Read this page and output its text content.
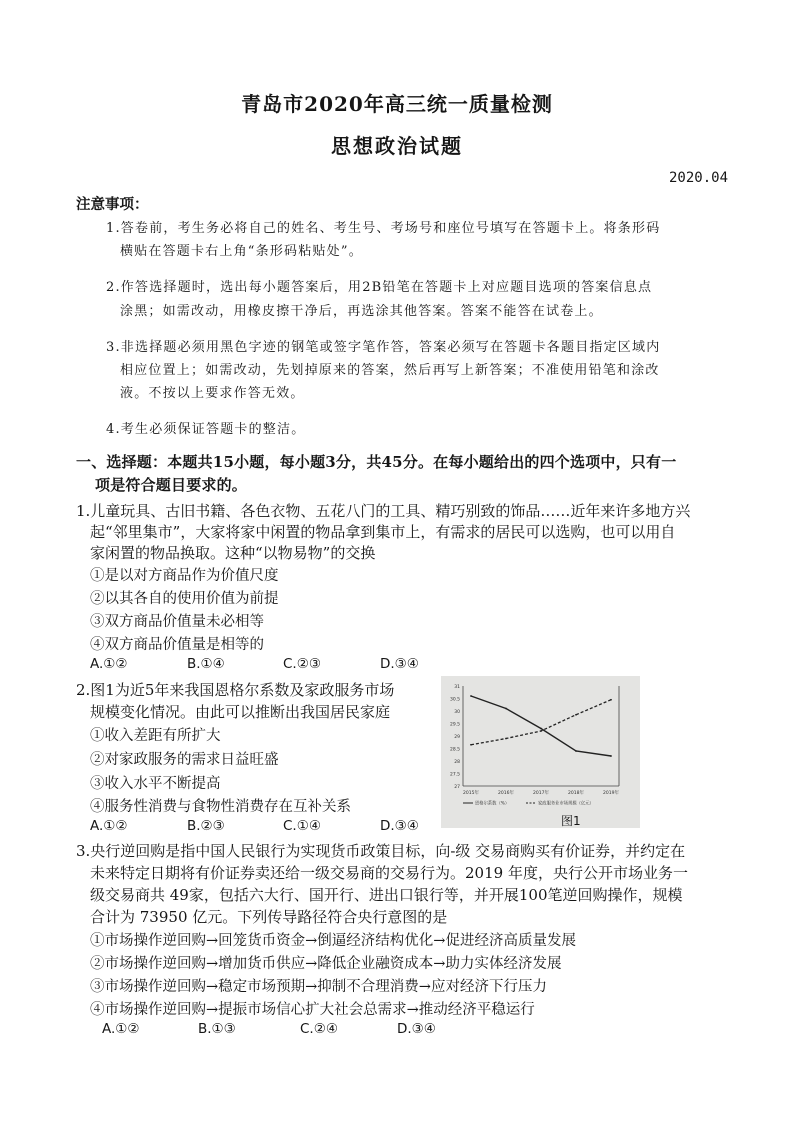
青岛市2020年高三统一质量检测
思想政治试题
2020.04
注意事项：
1.答卷前，考生务必将自己的姓名、考生号、考场号和座位号填写在答题卡上。将条形码
横贴在答题卡右上角“条形码粘贴处”。
2.作答选择题时，选出每小题答案后，用2B铅笔在答题卡上对应题目选项的答案信息点
涂黑；如需改动，用橡皮擦干净后，再选涂其他答案。答案不能答在试卷上。
3.非选择题必须用黑色字迹的钢笔或签字笔作答，答案必须写在答题卡各题目指定区域内
相应位置上；如需改动，先划掉原来的答案，然后再写上新答案；不准使用铅笔和涂改
液。不按以上要求作答无效。
4.考生必须保证答题卡的整洁。
一、选择题：本题共15小题，每小题3分，共45分。在每小题给出的四个选项中，只有一
项是符合题目要求的。
1.儿童玩具、古旧书籍、各色衣物、五花八门的工具、精巧别致的饰品……近年来许多地方兴
起“邻里集市”，大家将家中闲置的物品拿到集市上，有需求的居民可以选购，也可以用自
家闲置的物品换取。这种“以物易物”的交换
①是以对方商品作为价值尺度
②以其各自的使用价值为前提
③双方商品价值量未必相等
④双方商品价值量是相等的
A.①②	B.①④	C.②③	D.③④
2.图1为近5年来我国恩格尔系数及家政服务市场
规模变化情况。由此可以推断出我国居民家庭
①收入差距有所扩大
②对家政服务的需求日益旺盛
③收入水平不断提高
④服务性消费与食物性消费存在互补关系
A.①②	B.②③	C.①④	D.③④
31
30.5
30
29.5
29
28.5
28
27.5
27
2015年	2016年	2017年	2018年	2019年
恩格尔系数（%）	家政服务业市场规模（亿元）
图1
3.央行逆回购是指中国人民银行为实现货币政策目标，向-级 交易商购买有价证券，并约定在
未来特定日期将有价证券卖还给一级交易商的交易行为。2019 年度，央行公开市场业务一
级交易商共 49家，包括六大行、国开行、进出口银行等，并开展100笔逆回购操作，规模
合计为 73950 亿元。下列传导路径符合央行意图的是
①市场操作逆回购→回笼货币资金→倒逼经济结构优化→促进经济高质量发展
②市场操作逆回购→增加货币供应→降低企业融资成本→助力实体经济发展
③市场操作逆回购→稳定市场预期→抑制不合理消费→应对经济下行压力
④市场操作逆回购→提振市场信心扩大社会总需求→推动经济平稳运行
A.①②	B.①③	C.②④	D.③④
